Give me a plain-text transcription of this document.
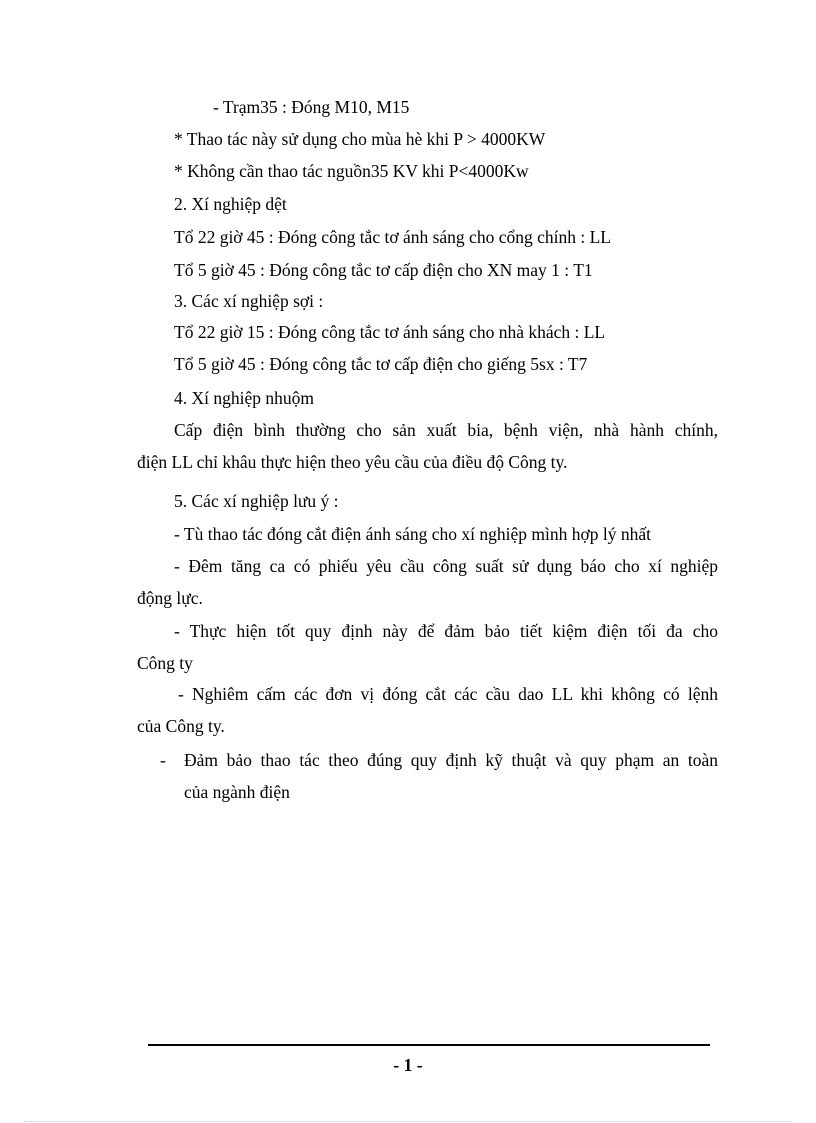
- Trạm35 : Đóng M10, M15
* Thao tác này sử dụng cho mùa hè khi P > 4000KW
* Không cần thao tác nguồn35 KV khi P<4000Kw
2. Xí nghiệp dệt
Tổ 22 giờ 45 : Đóng công tắc tơ ánh sáng cho cổng chính : LL
Tổ 5 giờ 45 : Đóng công tắc tơ cấp điện cho XN may 1 : T1
3. Các xí nghiệp sợi :
Tổ 22 giờ 15 : Đóng công tắc tơ ánh sáng cho nhà khách : LL
Tổ 5 giờ 45 : Đóng công tắc tơ cấp điện cho giếng 5sx : T7
4. Xí nghiệp nhuộm
Cấp điện bình thường cho sản xuất bia, bệnh viện, nhà hành chính,
điện LL chỉ khâu thực hiện theo yêu cầu của điều độ Công ty.
5. Các xí nghiệp lưu ý :
- Tù thao tác đóng cắt điện ánh sáng cho xí nghiệp mình hợp lý nhất
- Đêm tăng ca có phiếu yêu cầu công suất sử dụng báo cho xí nghiệp
động lực.
- Thực hiện tốt quy định này để đảm bảo tiết kiệm điện tối đa cho
Công ty
- Nghiêm cấm các đơn vị đóng cắt các cầu dao LL khi không có lệnh
của Công ty.
- Đảm bảo thao tác theo đúng quy định kỹ thuật và quy phạm an toàn
của ngành điện
- 1 -
